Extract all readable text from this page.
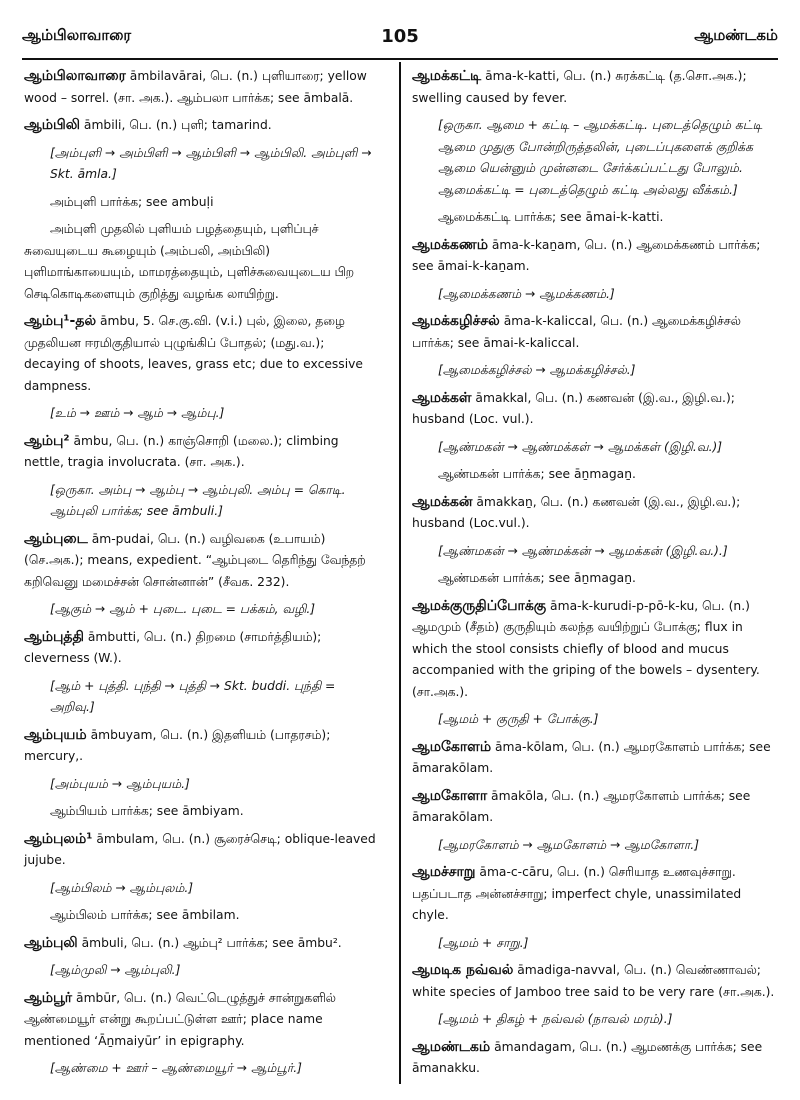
ஆம்பிலாவாரை	105	ஆமண்டகம்
ஆம்பிலாவாரை āmbilavārai, பெ. (n.) புளியாரை; yellow wood – sorrel. (சா. அக.). ஆம்பலா பார்க்க; see āmbalā.
ஆம்பிலி āmbili, பெ. (n.) புளி; tamarind.
[அம்புளி → அம்பிளி → ஆம்பிளி → ஆம்பிலி. அம்புளி → Skt. āmla.]
அம்புளி பார்க்க; see ambuḷi
அம்புளி முதலில் புளியம் பழத்தையும், புளிப்புச் சுவையுடைய கூழையும் (அம்பலி, அம்பிலி) புளிமாங்காயையும், மாமரத்தையும், புளிச்சுவையுடைய பிற செடிகொடிகளையும் குறித்து வழங்க லாயிற்று.
ஆம்பு¹-தல் āmbu, 5. செ.கு.வி. (v.i.) புல், இலை, தழை முதலியன ஈரமிகுதியால் புழுங்கிப் போதல்; (மது.வ.); decaying of shoots, leaves, grass etc; due to excessive dampness.
[உம் → ஊம் → ஆம் → ஆம்பு.]
ஆம்பு² āmbu, பெ. (n.) காஞ்சொறி (மலை.); climbing nettle, tragia involucrata. (சா. அக.).
[ஒருகா. அம்பு → ஆம்பு → ஆம்புலி. அம்பு = கொடி. ஆம்புலி பார்க்க; see āmbuli.]
ஆம்புடை ām-pudai, பெ. (n.) வழிவகை (உபாயம்) (செ.அக.); means, expedient. “ஆம்புடை தெரிந்து வேந்தற் கறிவெனு மமைச்சன் சொன்னான்” (சீவக. 232).
[ஆகும் → ஆம் + புடை. புடை = பக்கம், வழி.]
ஆம்புத்தி āmbutti, பெ. (n.) திறமை (சாமர்த்தியம்); cleverness (W.).
[ஆம் + புத்தி. புந்தி → புத்தி → Skt. buddi. புந்தி = அறிவு.]
ஆம்புயம் āmbuyam, பெ. (n.) இதளியம் (பாதரசம்); mercury,.
[அம்புயம் → ஆம்புயம்.]
ஆம்பியம் பார்க்க; see āmbiyam.
ஆம்புலம்¹ āmbulam, பெ. (n.) சூரைச்செடி; oblique-leaved jujube.
[ஆம்பிலம் → ஆம்புலம்.]
ஆம்பிலம் பார்க்க; see āmbilam.
ஆம்புலி āmbuli, பெ. (n.) ஆம்பு² பார்க்க; see āmbu².
[ஆம்முலி → ஆம்புலி.]
ஆம்பூர் āmbūr, பெ. (n.) வெட்டெழுத்துச் சான்றுகளில் ஆண்மையூர் என்று கூறப்பட்டுள்ள ஊர்; place name mentioned ‘Āṉmaiyūr’ in epigraphy.
[ஆண்மை + ஊர் – ஆண்மையூர் → ஆம்பூர்.]
ஆமக்கட்டி āma-k-katti, பெ. (n.) சுரக்கட்டி (த.சொ.அக.); swelling caused by fever.
[ஒருகா. ஆமை + கட்டி – ஆமக்கட்டி. புடைத்தெழும் கட்டி ஆமை முதுகு போன்றிருத்தலின், புடைப்புகளைக் குறிக்க ஆமை யென்னும் முன்னடை சேர்க்கப்பட்டது போலும். ஆமைக்கட்டி = புடைத்தெழும் கட்டி அல்லது வீக்கம்.]
ஆமைக்கட்டி பார்க்க; see āmai-k-katti.
ஆமக்கணம் āma-k-kaṉam, பெ. (n.) ஆமைக்கணம் பார்க்க; see āmai-k-kaṉam.
[ஆமைக்கணம் → ஆமக்கணம்.]
ஆமக்கழிச்சல் āma-k-kaliccal, பெ. (n.) ஆமைக்கழிச்சல் பார்க்க; see āmai-k-kaliccal.
[ஆமைக்கழிச்சல் → ஆமக்கழிச்சல்.]
ஆமக்கள் āmakkal, பெ. (n.) கணவன் (இ.வ., இழி.வ.); husband (Loc. vul.).
[ஆண்மகன் → ஆண்மக்கள் → ஆமக்கள் (இழி.வ.)]
ஆண்மகன் பார்க்க; see āṉmagaṉ.
ஆமக்கன் āmakkaṉ, பெ. (n.) கணவன் (இ.வ., இழி.வ.); husband (Loc.vul.).
[ஆண்மகன் → ஆண்மக்கன் → ஆமக்கன் (இழி.வ.).]
ஆண்மகன் பார்க்க; see āṉmagaṉ.
ஆமக்குருதிப்போக்கு āma-k-kurudi-p-pō-k-ku, பெ. (n.) ஆமமும் (சீதம்) குருதியும் கலந்த வயிற்றுப் போக்கு; flux in which the stool consists chiefly of blood and mucus accompanied with the griping of the bowels – dysentery. (சா.அக.).
[ஆமம் + குருதி + போக்கு.]
ஆமகோளம் āma-kōlam, பெ. (n.) ஆமரகோளம் பார்க்க; see āmarakōlam.
ஆமகோளா āmakōla, பெ. (n.) ஆமரகோளம் பார்க்க; see āmarakōlam.
[ஆமரகோளம் → ஆமகோளம் → ஆமகோளா.]
ஆமச்சாறு āma-c-cāru, பெ. (n.) செரியாத உணவுச்சாறு. பதப்படாத அன்னச்சாறு; imperfect chyle, unassimilated chyle.
[ஆமம் + சாறு.]
ஆமடிக நவ்வல் āmadiga-navval, பெ. (n.) வெண்ணாவல்; white species of Jamboo tree said to be very rare (சா.அக.).
[ஆமம் + திகழ் + நவ்வல் (நாவல் மரம்).]
ஆமண்டகம் āmandagam, பெ. (n.) ஆமணக்கு பார்க்க; see āmanakku.
